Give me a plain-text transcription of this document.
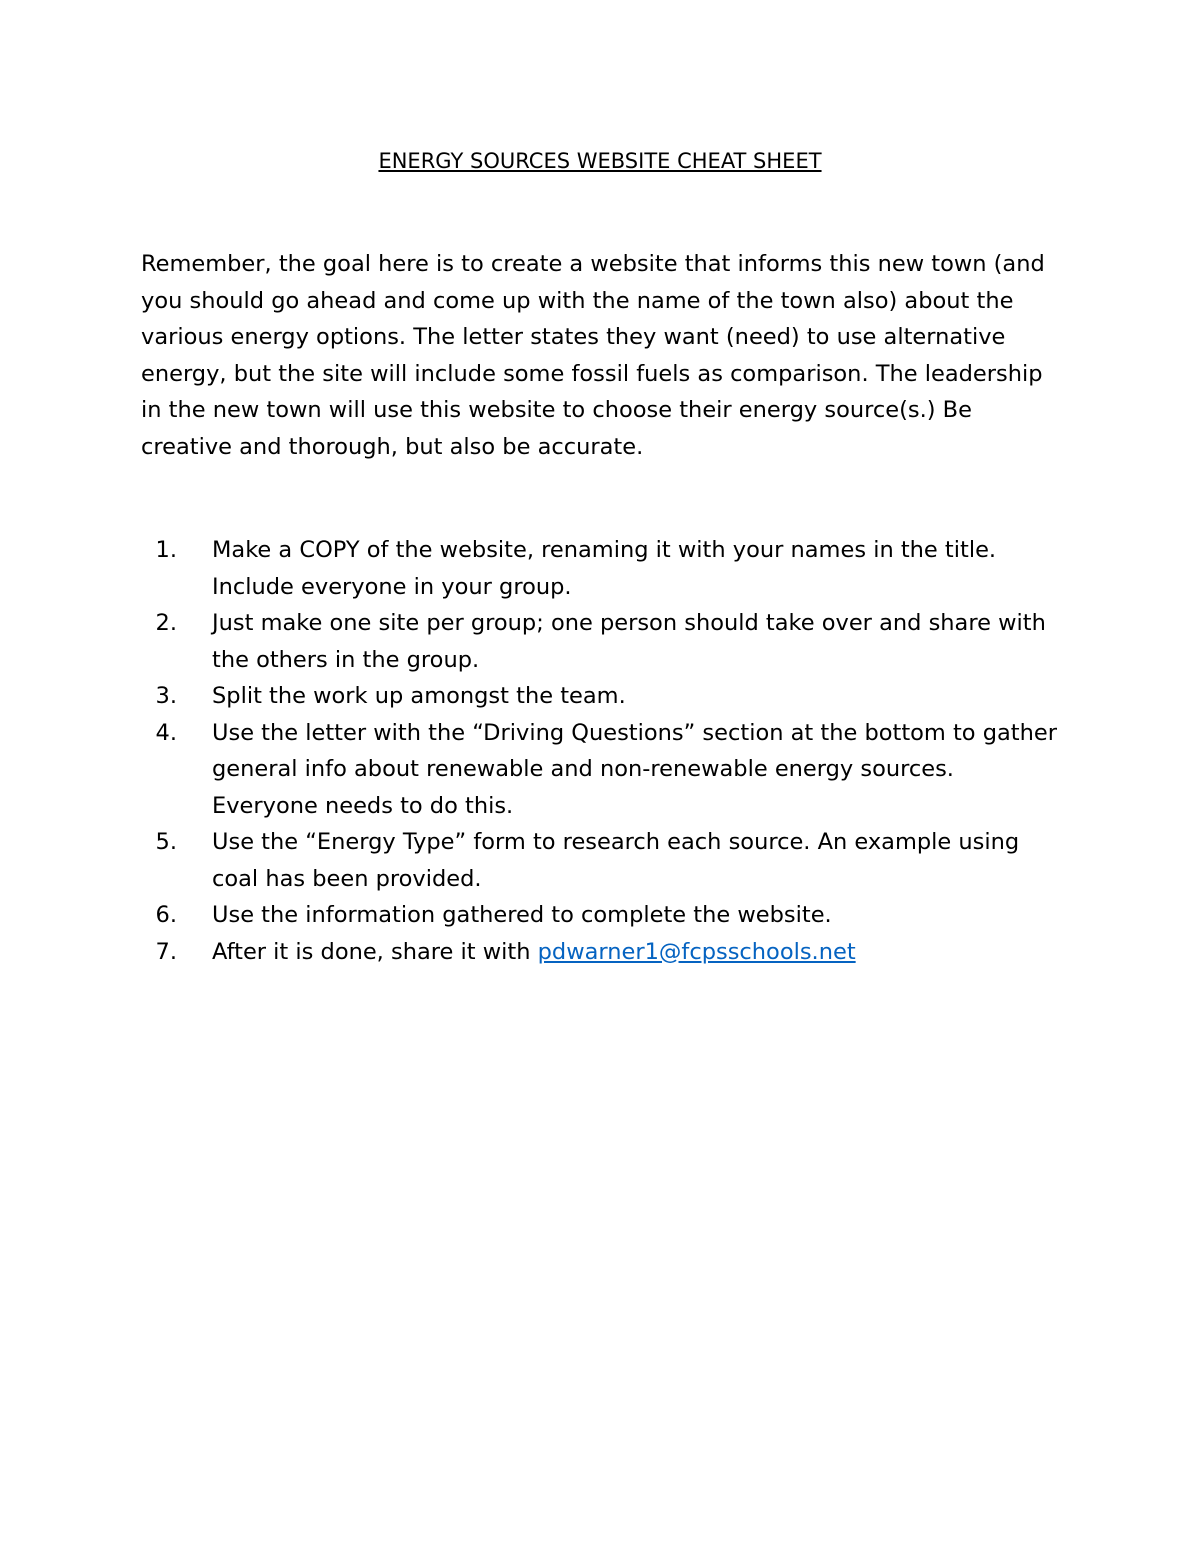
ENERGY SOURCES WEBSITE CHEAT SHEET

Remember, the goal here is to create a website that informs this new town (and you should go ahead and come up with the name of the town also) about the various energy options. The letter states they want (need) to use alternative energy, but the site will include some fossil fuels as comparison. The leadership in the new town will use this website to choose their energy source(s.) Be creative and thorough, but also be accurate.

1.	Make a COPY of the website, renaming it with your names in the title. Include everyone in your group.
2.	Just make one site per group; one person should take over and share with the others in the group.
3.	Split the work up amongst the team.
4.	Use the letter with the “Driving Questions” section at the bottom to gather general info about renewable and non-renewable energy sources. Everyone needs to do this.
5.	Use the “Energy Type” form to research each source. An example using coal has been provided.
6.	Use the information gathered to complete the website.
7.	After it is done, share it with pdwarner1@fcpsschools.net
